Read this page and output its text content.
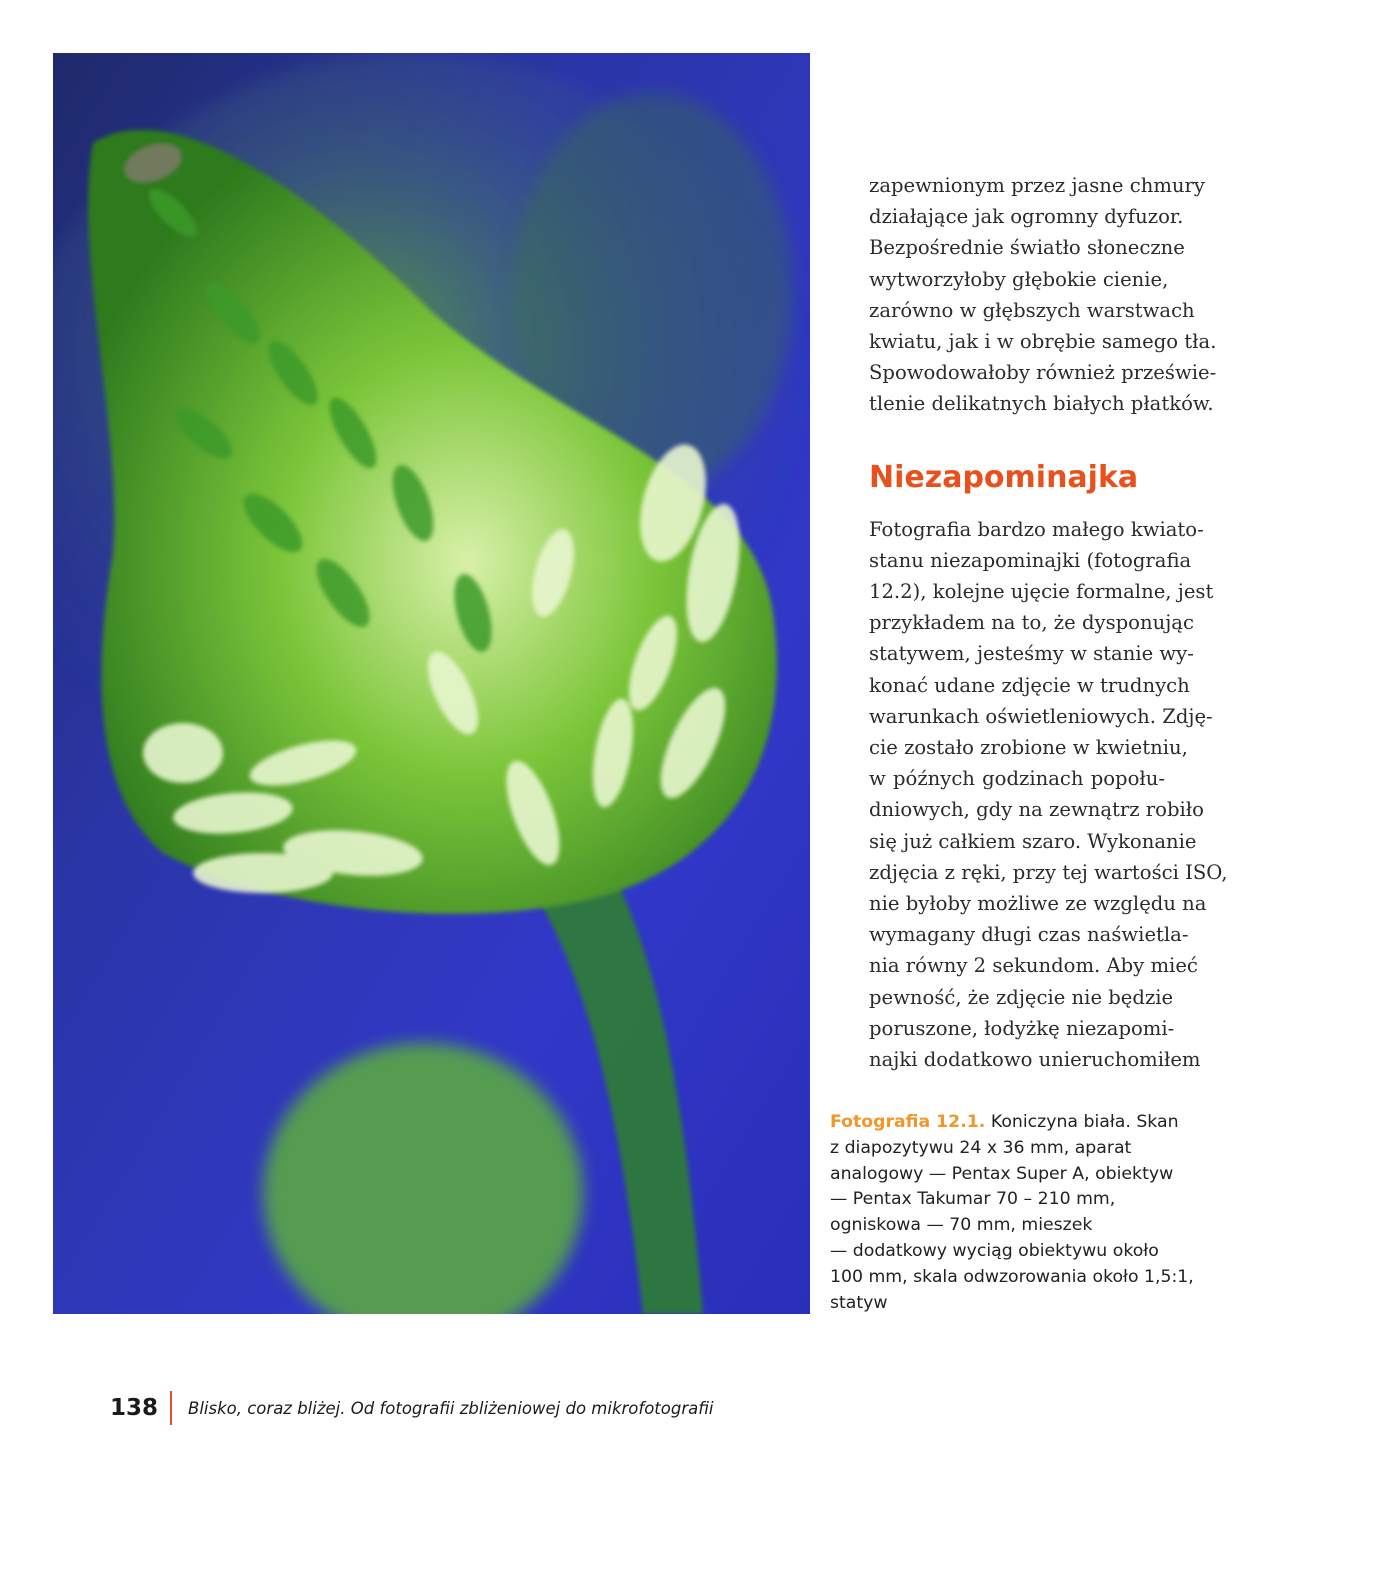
zapewnionym przez jasne chmury
działające jak ogromny dyfuzor.
Bezpośrednie światło słoneczne
wytworzyłoby głębokie cienie,
zarówno w głębszych warstwach
kwiatu, jak i w obrębie samego tła.
Spowodowałoby również prześwie-
tlenie delikatnych białych płatków.

Niezapominajka

Fotografia bardzo małego kwiato-
stanu niezapominajki (fotografia
12.2), kolejne ujęcie formalne, jest
przykładem na to, że dysponując
statywem, jesteśmy w stanie wy-
konać udane zdjęcie w trudnych
warunkach oświetleniowych. Zdję-
cie zostało zrobione w kwietniu,
w późnych godzinach popołu-
dniowych, gdy na zewnątrz robiło
się już całkiem szaro. Wykonanie
zdjęcia z ręki, przy tej wartości ISO,
nie byłoby możliwe ze względu na
wymagany długi czas naświetla-
nia równy 2 sekundom. Aby mieć
pewność, że zdjęcie nie będzie
poruszone, łodyżkę niezapomi-
najki dodatkowo unieruchomiłem

Fotografia 12.1. Koniczyna biała. Skan
z diapozytywu 24 x 36 mm, aparat
analogowy — Pentax Super A, obiektyw
— Pentax Takumar 70 – 210 mm,
ogniskowa — 70 mm, mieszek
— dodatkowy wyciąg obiektywu około
100 mm, skala odwzorowania około 1,5:1,
statyw
138 Blisko, coraz bliżej. Od fotografii zbliżeniowej do mikrofotografii
